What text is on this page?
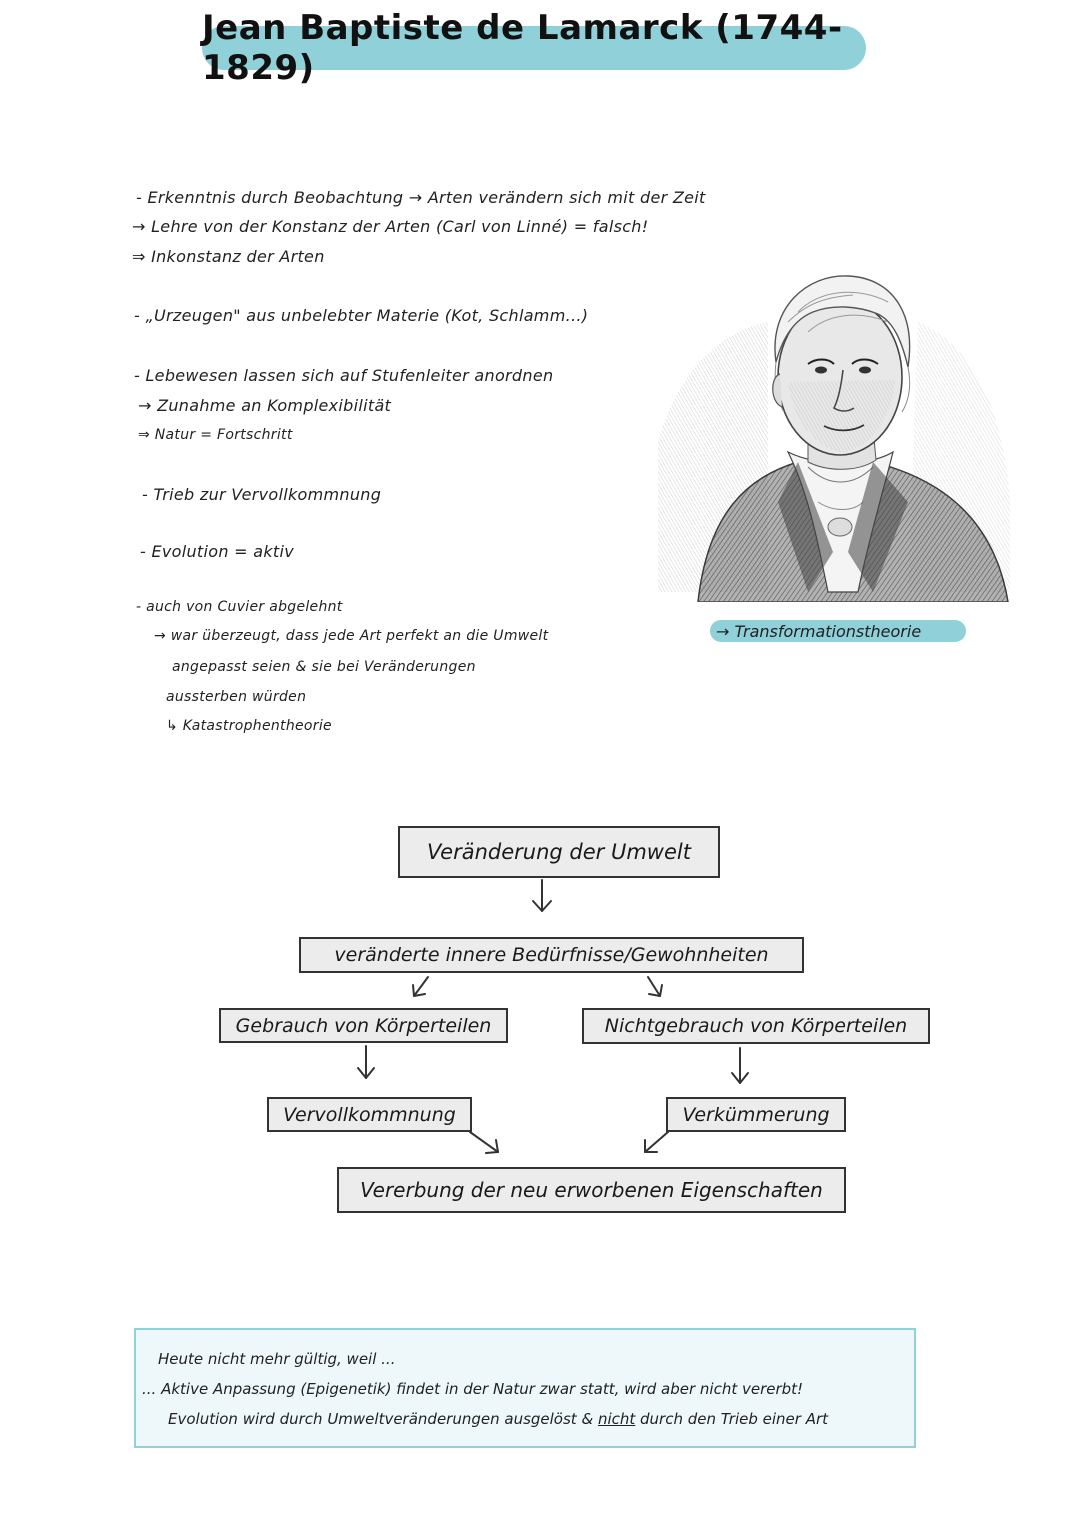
Jean Baptiste de Lamarck (1744-1829)
- Erkenntnis durch Beobachtung → Arten verändern sich mit der Zeit
→ Lehre von der Konstanz der Arten (Carl von Linné) = falsch!
⇒ Inkonstanz der Arten
- „Urzeugen" aus unbelebter Materie (Kot, Schlamm...)
- Lebewesen lassen sich auf Stufenleiter anordnen
→ Zunahme an Komplexibilität
⇒ Natur = Fortschritt
- Trieb zur Vervollkommnung
- Evolution = aktiv
- auch von Cuvier abgelehnt
→ war überzeugt, dass jede Art perfekt an die Umwelt
angepasst seien & sie bei Veränderungen
aussterben würden
↳ Katastrophentheorie
→ Transformationstheorie
Veränderung der Umwelt
veränderte innere Bedürfnisse/Gewohnheiten
Gebrauch von Körperteilen	Nichtgebrauch von Körperteilen
Vervollkommnung	Verkümmerung
Vererbung der neu erworbenen Eigenschaften
Heute nicht mehr gültig, weil ...
... Aktive Anpassung (Epigenetik) findet in der Natur zwar statt, wird aber nicht vererbt!
Evolution wird durch Umweltveränderungen ausgelöst & nicht durch den Trieb einer Art
